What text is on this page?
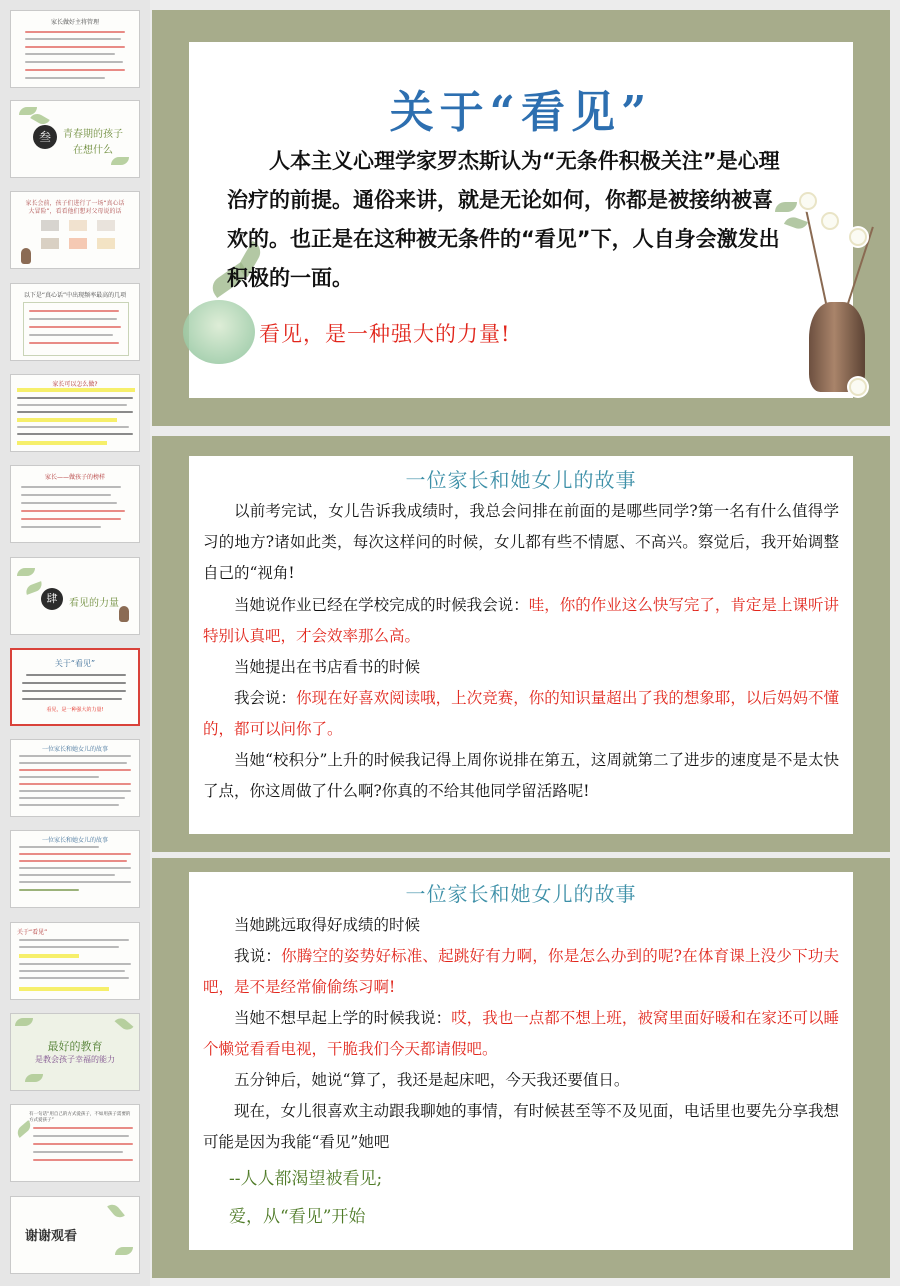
家长做好主将管理
叁	青春期的孩子
在想什么
家长会前，孩子们进行了一场“真心话
大冒险”，看看他们想对父母说的话
以下是“真心话”中出现频率最高的几项
家长可以怎么做?
家长——做孩子的榜样
肆	看见的力量
关于“看见”
看见，是一种强大的力量!
一位家长和她女儿的故事
一位家长和她女儿的故事
关于“看见”
最好的教育
是教会孩子幸福的能力
有一句话“用自己的方式爱孩子，不如用孩子需要的方式爱孩子”
谢谢观看
关于“看见”
人本主义心理学家罗杰斯认为“无条件积极关注”是心理治疗的前提。通俗来讲，就是无论如何，你都是被接纳被喜欢的。也正是在这种被无条件的“看见”下，人自身会激发出积极的一面。
看见，是一种强大的力量!
一位家长和她女儿的故事
以前考完试，女儿告诉我成绩时，我总会问排在前面的是哪些同学?第一名有什么值得学习的地方?诸如此类，每次这样问的时候，女儿都有些不情愿、不高兴。察觉后，我开始调整自己的“视角!
当她说作业已经在学校完成的时候我会说：哇，你的作业这么快写完了，肯定是上课听讲特别认真吧，才会效率那么高。
当她提出在书店看书的时候
我会说：你现在好喜欢阅读哦，上次竞赛，你的知识量超出了我的想象耶，以后妈妈不懂的，都可以问你了。
当她“校积分”上升的时候我记得上周你说排在第五，这周就第二了进步的速度是不是太快了点，你这周做了什么啊?你真的不给其他同学留活路呢!
一位家长和她女儿的故事
当她跳远取得好成绩的时候
我说：你腾空的姿势好标准、起跳好有力啊，你是怎么办到的呢?在体育课上没少下功夫吧，是不是经常偷偷练习啊!
当她不想早起上学的时候我说：哎，我也一点都不想上班，被窝里面好暖和在家还可以睡个懒觉看看电视，干脆我们今天都请假吧。
五分钟后，她说“算了，我还是起床吧，今天我还要值日。
现在，女儿很喜欢主动跟我聊她的事情，有时候甚至等不及见面，电话里也要先分享我想可能是因为我能“看见”她吧
--人人都渴望被看见;
爱，从“看见”开始
